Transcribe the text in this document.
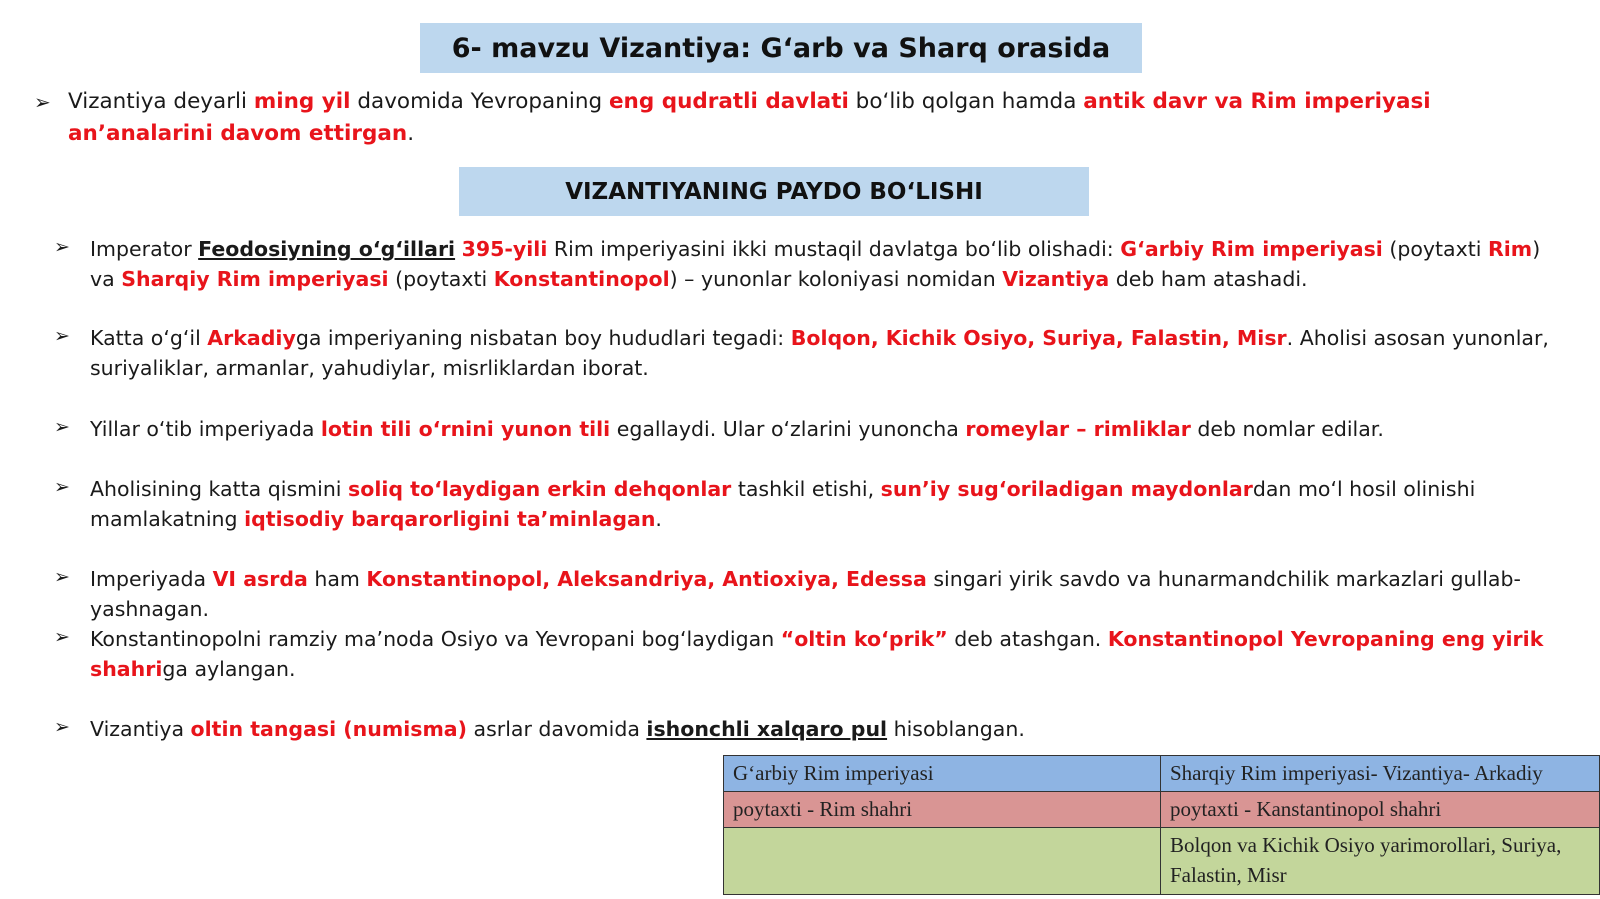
6- mavzu Vizantiya: G‘arb va Sharq orasida
➢ Vizantiya deyarli ming yil davomida Yevropaning eng qudratli davlati bo‘lib qolgan hamda antik davr va Rim imperiyasi an’analarini davom ettirgan.
VIZANTIYANING PAYDO BO‘LISHI
➢ Imperator Feodosiyning o‘g‘illari 395-yili Rim imperiyasini ikki mustaqil davlatga bo‘lib olishadi: G‘arbiy Rim imperiyasi (poytaxti Rim) va Sharqiy Rim imperiyasi (poytaxti Konstantinopol) – yunonlar koloniyasi nomidan Vizantiya deb ham atashadi.
➢ Katta o‘g‘il Arkadiyga imperiyaning nisbatan boy hududlari tegadi: Bolqon, Kichik Osiyo, Suriya, Falastin, Misr. Aholisi asosan yunonlar, suriyaliklar, armanlar, yahudiylar, misrliklardan iborat.
➢ Yillar o‘tib imperiyada lotin tili o‘rnini yunon tili egallaydi. Ular o‘zlarini yunoncha romeylar – rimliklar deb nomlar edilar.
➢ Aholisining katta qismini soliq to‘laydigan erkin dehqonlar tashkil etishi, sun’iy sug‘oriladigan maydonlardan mo‘l hosil olinishi mamlakatning iqtisodiy barqarorligini ta’minlagan.
➢ Imperiyada VI asrda ham Konstantinopol, Aleksandriya, Antioxiya, Edessa singari yirik savdo va hunarmandchilik markazlari gullab-yashnagan.
➢ Konstantinopolni ramziy ma’noda Osiyo va Yevropani bog‘laydigan “oltin ko‘prik” deb atashgan. Konstantinopol Yevropaning eng yirik shahriga aylangan.
➢ Vizantiya oltin tangasi (numisma) asrlar davomida ishonchli xalqaro pul hisoblangan.
G‘arbiy Rim imperiyasi	Sharqiy Rim imperiyasi- Vizantiya- Arkadiy
poytaxti - Rim shahri	poytaxti - Kanstantinopol shahri
	Bolqon va Kichik Osiyo yarimorollari, Suriya, Falastin, Misr
